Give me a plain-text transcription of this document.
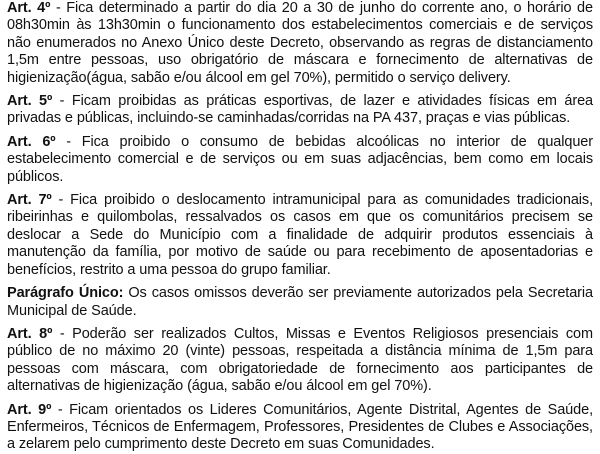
Art. 4º - Fica determinado a partir do dia 20 a 30 de junho do corrente ano, o horário de 08h30min às 13h30min o funcionamento dos estabelecimentos comerciais e de serviços não enumerados no Anexo Único deste Decreto, observando as regras de distanciamento 1,5m entre pessoas, uso obrigatório de máscara e fornecimento de alternativas de higienização(água, sabão e/ou álcool em gel 70%), permitido o serviço delivery.

Art. 5º - Ficam proibidas as práticas esportivas, de lazer e atividades físicas em área privadas e públicas, incluindo-se caminhadas/corridas na PA 437, praças e vias públicas.

Art. 6º - Fica proibido o consumo de bebidas alcoólicas no interior de qualquer estabelecimento comercial e de serviços ou em suas adjacências, bem como em locais públicos.

Art. 7º - Fica proibido o deslocamento intramunicipal para as comunidades tradicionais, ribeirinhas e quilombolas, ressalvados os casos em que os comunitários precisem se deslocar a Sede do Município com a finalidade de adquirir produtos essenciais à manutenção da família, por motivo de saúde ou para recebimento de aposentadorias e benefícios, restrito a uma pessoa do grupo familiar.

Parágrafo Único: Os casos omissos deverão ser previamente autorizados pela Secretaria Municipal de Saúde.

Art. 8º - Poderão ser realizados Cultos, Missas e Eventos Religiosos presenciais com público de no máximo 20 (vinte) pessoas, respeitada a distância mínima de 1,5m para pessoas com máscara, com obrigatoriedade de fornecimento aos participantes de alternativas de higienização (água, sabão e/ou álcool em gel 70%).

Art. 9º - Ficam orientados os Lideres Comunitários, Agente Distrital, Agentes de Saúde, Enfermeiros, Técnicos de Enfermagem, Professores, Presidentes de Clubes e Associações, a zelarem pelo cumprimento deste Decreto em suas Comunidades.
